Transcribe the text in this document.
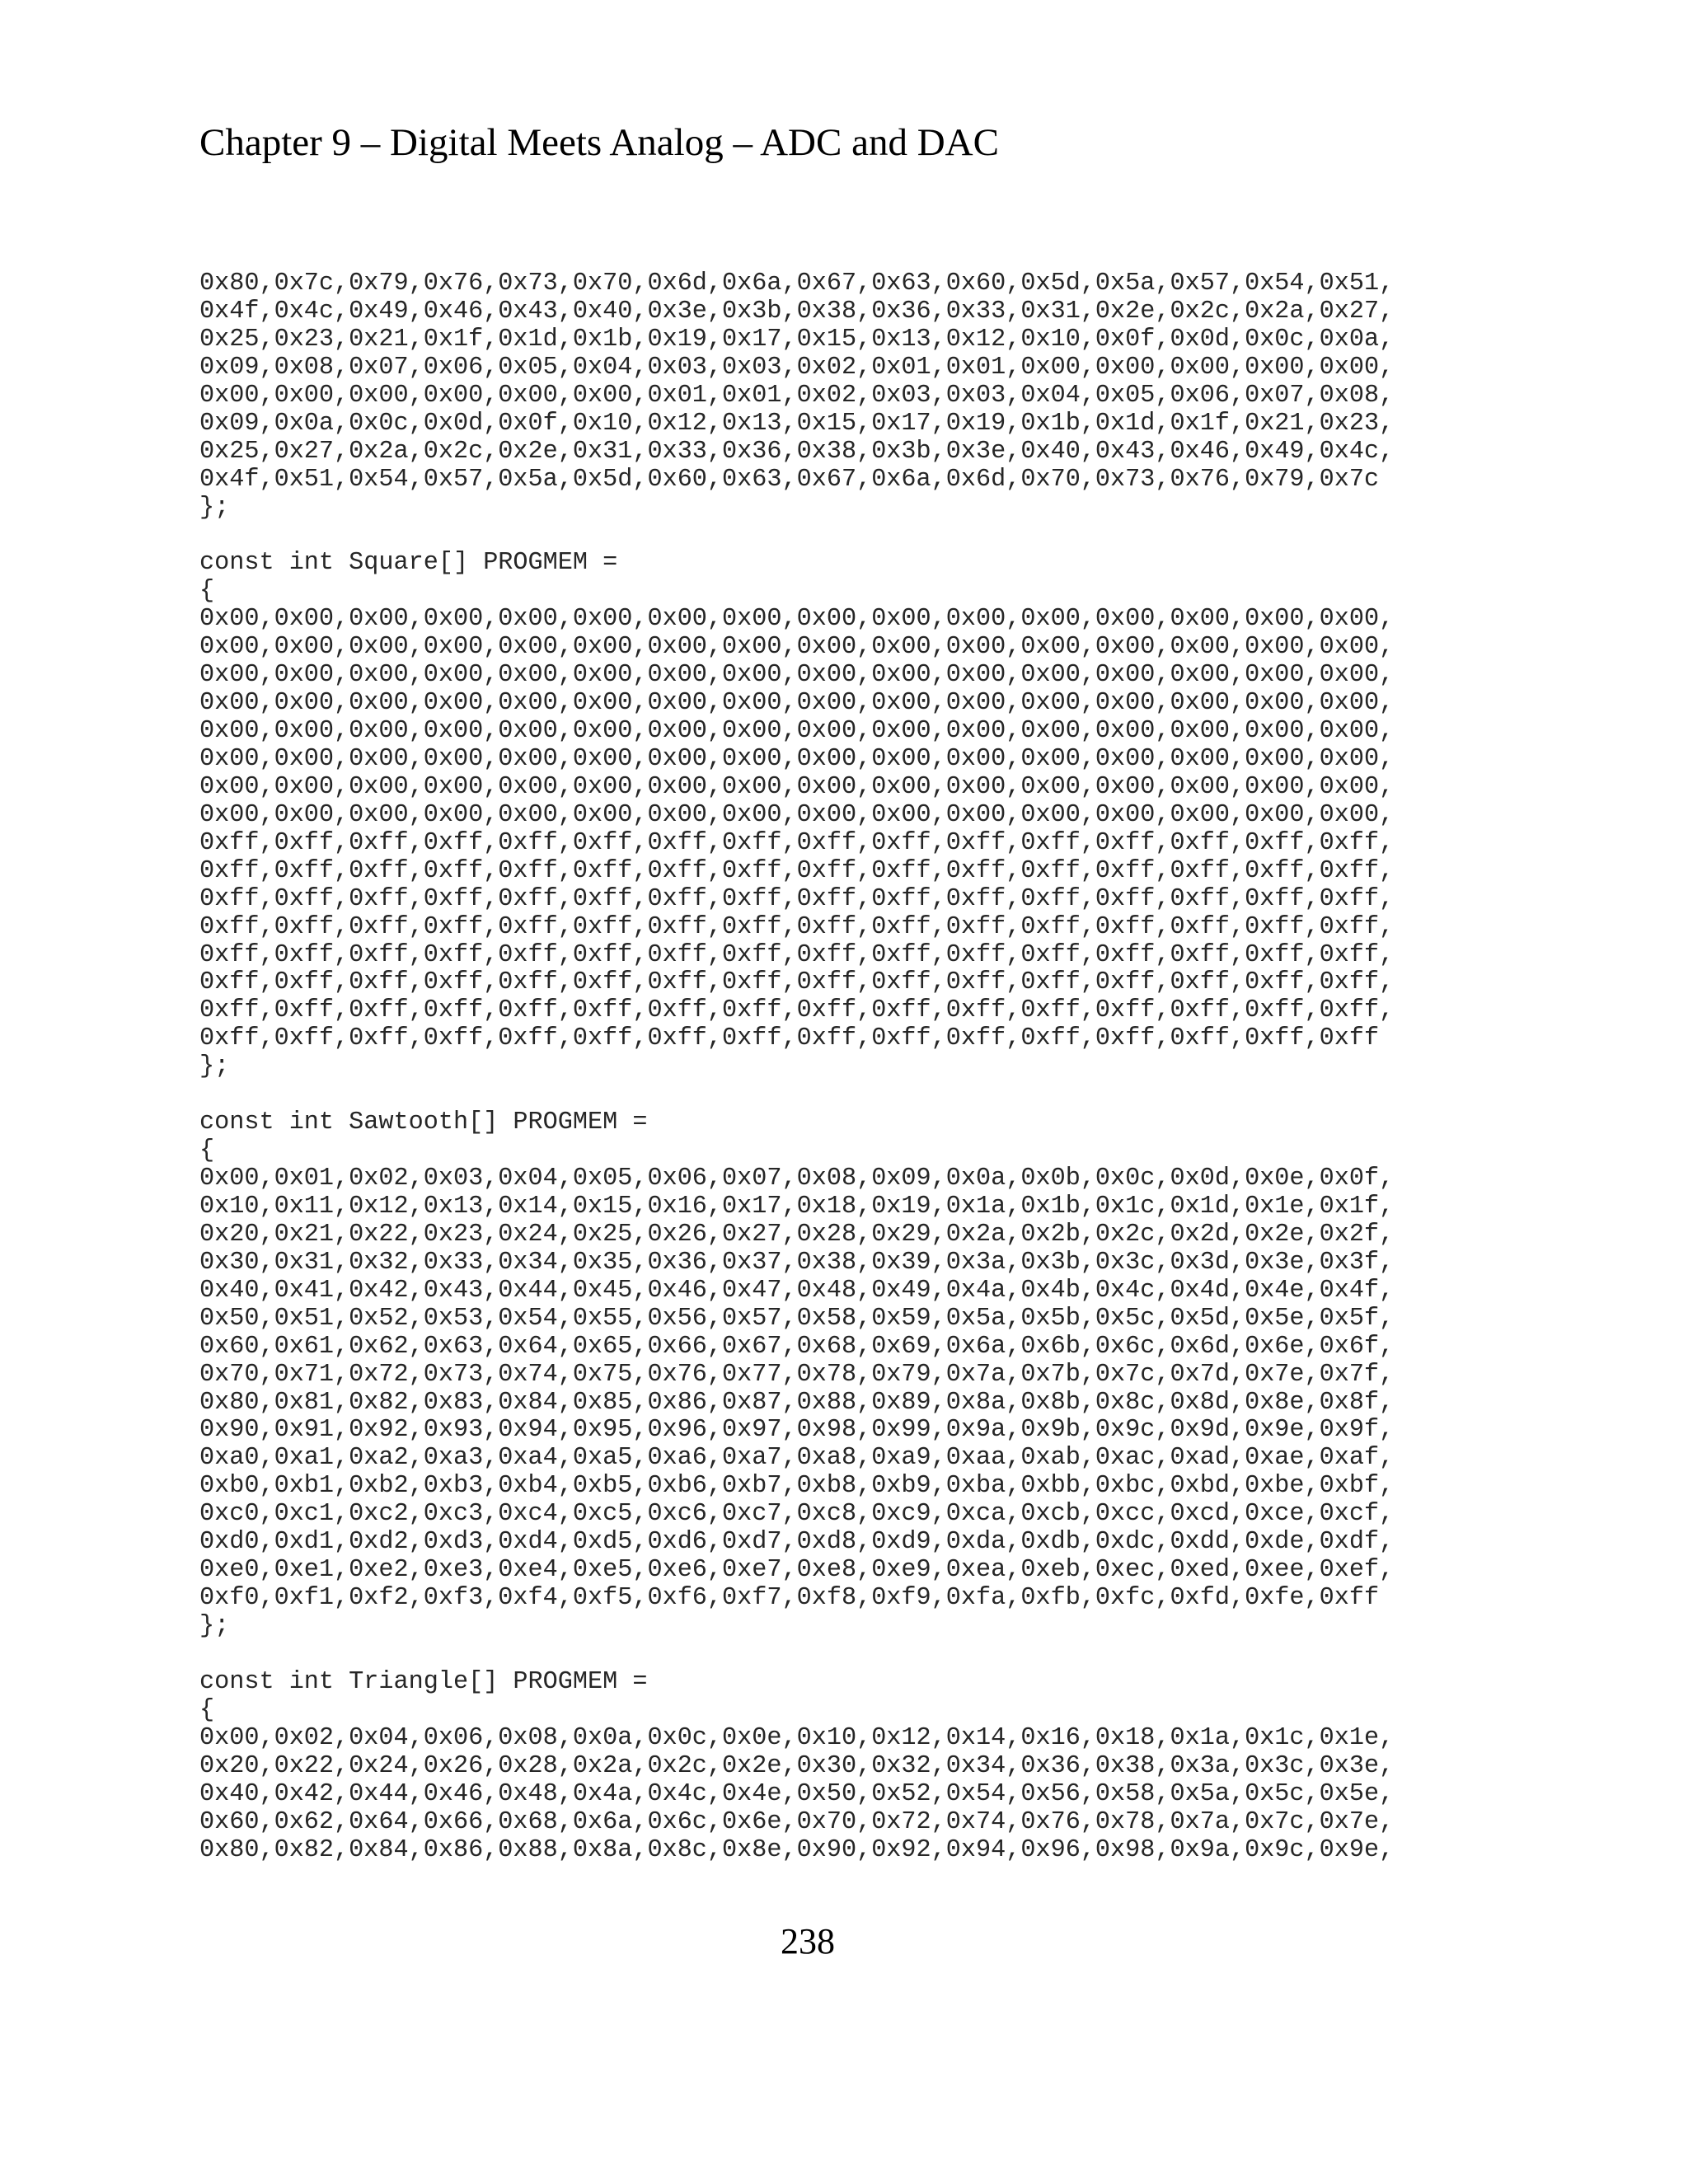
Chapter 9 – Digital Meets Analog – ADC and DAC
0x80,0x7c,0x79,0x76,0x73,0x70,0x6d,0x6a,0x67,0x63,0x60,0x5d,0x5a,0x57,0x54,0x51,
0x4f,0x4c,0x49,0x46,0x43,0x40,0x3e,0x3b,0x38,0x36,0x33,0x31,0x2e,0x2c,0x2a,0x27,
0x25,0x23,0x21,0x1f,0x1d,0x1b,0x19,0x17,0x15,0x13,0x12,0x10,0x0f,0x0d,0x0c,0x0a,
0x09,0x08,0x07,0x06,0x05,0x04,0x03,0x03,0x02,0x01,0x01,0x00,0x00,0x00,0x00,0x00,
0x00,0x00,0x00,0x00,0x00,0x00,0x01,0x01,0x02,0x03,0x03,0x04,0x05,0x06,0x07,0x08,
0x09,0x0a,0x0c,0x0d,0x0f,0x10,0x12,0x13,0x15,0x17,0x19,0x1b,0x1d,0x1f,0x21,0x23,
0x25,0x27,0x2a,0x2c,0x2e,0x31,0x33,0x36,0x38,0x3b,0x3e,0x40,0x43,0x46,0x49,0x4c,
0x4f,0x51,0x54,0x57,0x5a,0x5d,0x60,0x63,0x67,0x6a,0x6d,0x70,0x73,0x76,0x79,0x7c
};
const int Square[] PROGMEM =
{
0x00,0x00,0x00,0x00,0x00,0x00,0x00,0x00,0x00,0x00,0x00,0x00,0x00,0x00,0x00,0x00,
0x00,0x00,0x00,0x00,0x00,0x00,0x00,0x00,0x00,0x00,0x00,0x00,0x00,0x00,0x00,0x00,
0x00,0x00,0x00,0x00,0x00,0x00,0x00,0x00,0x00,0x00,0x00,0x00,0x00,0x00,0x00,0x00,
0x00,0x00,0x00,0x00,0x00,0x00,0x00,0x00,0x00,0x00,0x00,0x00,0x00,0x00,0x00,0x00,
0x00,0x00,0x00,0x00,0x00,0x00,0x00,0x00,0x00,0x00,0x00,0x00,0x00,0x00,0x00,0x00,
0x00,0x00,0x00,0x00,0x00,0x00,0x00,0x00,0x00,0x00,0x00,0x00,0x00,0x00,0x00,0x00,
0x00,0x00,0x00,0x00,0x00,0x00,0x00,0x00,0x00,0x00,0x00,0x00,0x00,0x00,0x00,0x00,
0x00,0x00,0x00,0x00,0x00,0x00,0x00,0x00,0x00,0x00,0x00,0x00,0x00,0x00,0x00,0x00,
0xff,0xff,0xff,0xff,0xff,0xff,0xff,0xff,0xff,0xff,0xff,0xff,0xff,0xff,0xff,0xff,
0xff,0xff,0xff,0xff,0xff,0xff,0xff,0xff,0xff,0xff,0xff,0xff,0xff,0xff,0xff,0xff,
0xff,0xff,0xff,0xff,0xff,0xff,0xff,0xff,0xff,0xff,0xff,0xff,0xff,0xff,0xff,0xff,
0xff,0xff,0xff,0xff,0xff,0xff,0xff,0xff,0xff,0xff,0xff,0xff,0xff,0xff,0xff,0xff,
0xff,0xff,0xff,0xff,0xff,0xff,0xff,0xff,0xff,0xff,0xff,0xff,0xff,0xff,0xff,0xff,
0xff,0xff,0xff,0xff,0xff,0xff,0xff,0xff,0xff,0xff,0xff,0xff,0xff,0xff,0xff,0xff,
0xff,0xff,0xff,0xff,0xff,0xff,0xff,0xff,0xff,0xff,0xff,0xff,0xff,0xff,0xff,0xff,
0xff,0xff,0xff,0xff,0xff,0xff,0xff,0xff,0xff,0xff,0xff,0xff,0xff,0xff,0xff,0xff
};
const int Sawtooth[] PROGMEM =
{
0x00,0x01,0x02,0x03,0x04,0x05,0x06,0x07,0x08,0x09,0x0a,0x0b,0x0c,0x0d,0x0e,0x0f,
0x10,0x11,0x12,0x13,0x14,0x15,0x16,0x17,0x18,0x19,0x1a,0x1b,0x1c,0x1d,0x1e,0x1f,
0x20,0x21,0x22,0x23,0x24,0x25,0x26,0x27,0x28,0x29,0x2a,0x2b,0x2c,0x2d,0x2e,0x2f,
0x30,0x31,0x32,0x33,0x34,0x35,0x36,0x37,0x38,0x39,0x3a,0x3b,0x3c,0x3d,0x3e,0x3f,
0x40,0x41,0x42,0x43,0x44,0x45,0x46,0x47,0x48,0x49,0x4a,0x4b,0x4c,0x4d,0x4e,0x4f,
0x50,0x51,0x52,0x53,0x54,0x55,0x56,0x57,0x58,0x59,0x5a,0x5b,0x5c,0x5d,0x5e,0x5f,
0x60,0x61,0x62,0x63,0x64,0x65,0x66,0x67,0x68,0x69,0x6a,0x6b,0x6c,0x6d,0x6e,0x6f,
0x70,0x71,0x72,0x73,0x74,0x75,0x76,0x77,0x78,0x79,0x7a,0x7b,0x7c,0x7d,0x7e,0x7f,
0x80,0x81,0x82,0x83,0x84,0x85,0x86,0x87,0x88,0x89,0x8a,0x8b,0x8c,0x8d,0x8e,0x8f,
0x90,0x91,0x92,0x93,0x94,0x95,0x96,0x97,0x98,0x99,0x9a,0x9b,0x9c,0x9d,0x9e,0x9f,
0xa0,0xa1,0xa2,0xa3,0xa4,0xa5,0xa6,0xa7,0xa8,0xa9,0xaa,0xab,0xac,0xad,0xae,0xaf,
0xb0,0xb1,0xb2,0xb3,0xb4,0xb5,0xb6,0xb7,0xb8,0xb9,0xba,0xbb,0xbc,0xbd,0xbe,0xbf,
0xc0,0xc1,0xc2,0xc3,0xc4,0xc5,0xc6,0xc7,0xc8,0xc9,0xca,0xcb,0xcc,0xcd,0xce,0xcf,
0xd0,0xd1,0xd2,0xd3,0xd4,0xd5,0xd6,0xd7,0xd8,0xd9,0xda,0xdb,0xdc,0xdd,0xde,0xdf,
0xe0,0xe1,0xe2,0xe3,0xe4,0xe5,0xe6,0xe7,0xe8,0xe9,0xea,0xeb,0xec,0xed,0xee,0xef,
0xf0,0xf1,0xf2,0xf3,0xf4,0xf5,0xf6,0xf7,0xf8,0xf9,0xfa,0xfb,0xfc,0xfd,0xfe,0xff
};
const int Triangle[] PROGMEM =
{
0x00,0x02,0x04,0x06,0x08,0x0a,0x0c,0x0e,0x10,0x12,0x14,0x16,0x18,0x1a,0x1c,0x1e,
0x20,0x22,0x24,0x26,0x28,0x2a,0x2c,0x2e,0x30,0x32,0x34,0x36,0x38,0x3a,0x3c,0x3e,
0x40,0x42,0x44,0x46,0x48,0x4a,0x4c,0x4e,0x50,0x52,0x54,0x56,0x58,0x5a,0x5c,0x5e,
0x60,0x62,0x64,0x66,0x68,0x6a,0x6c,0x6e,0x70,0x72,0x74,0x76,0x78,0x7a,0x7c,0x7e,
0x80,0x82,0x84,0x86,0x88,0x8a,0x8c,0x8e,0x90,0x92,0x94,0x96,0x98,0x9a,0x9c,0x9e,
238
